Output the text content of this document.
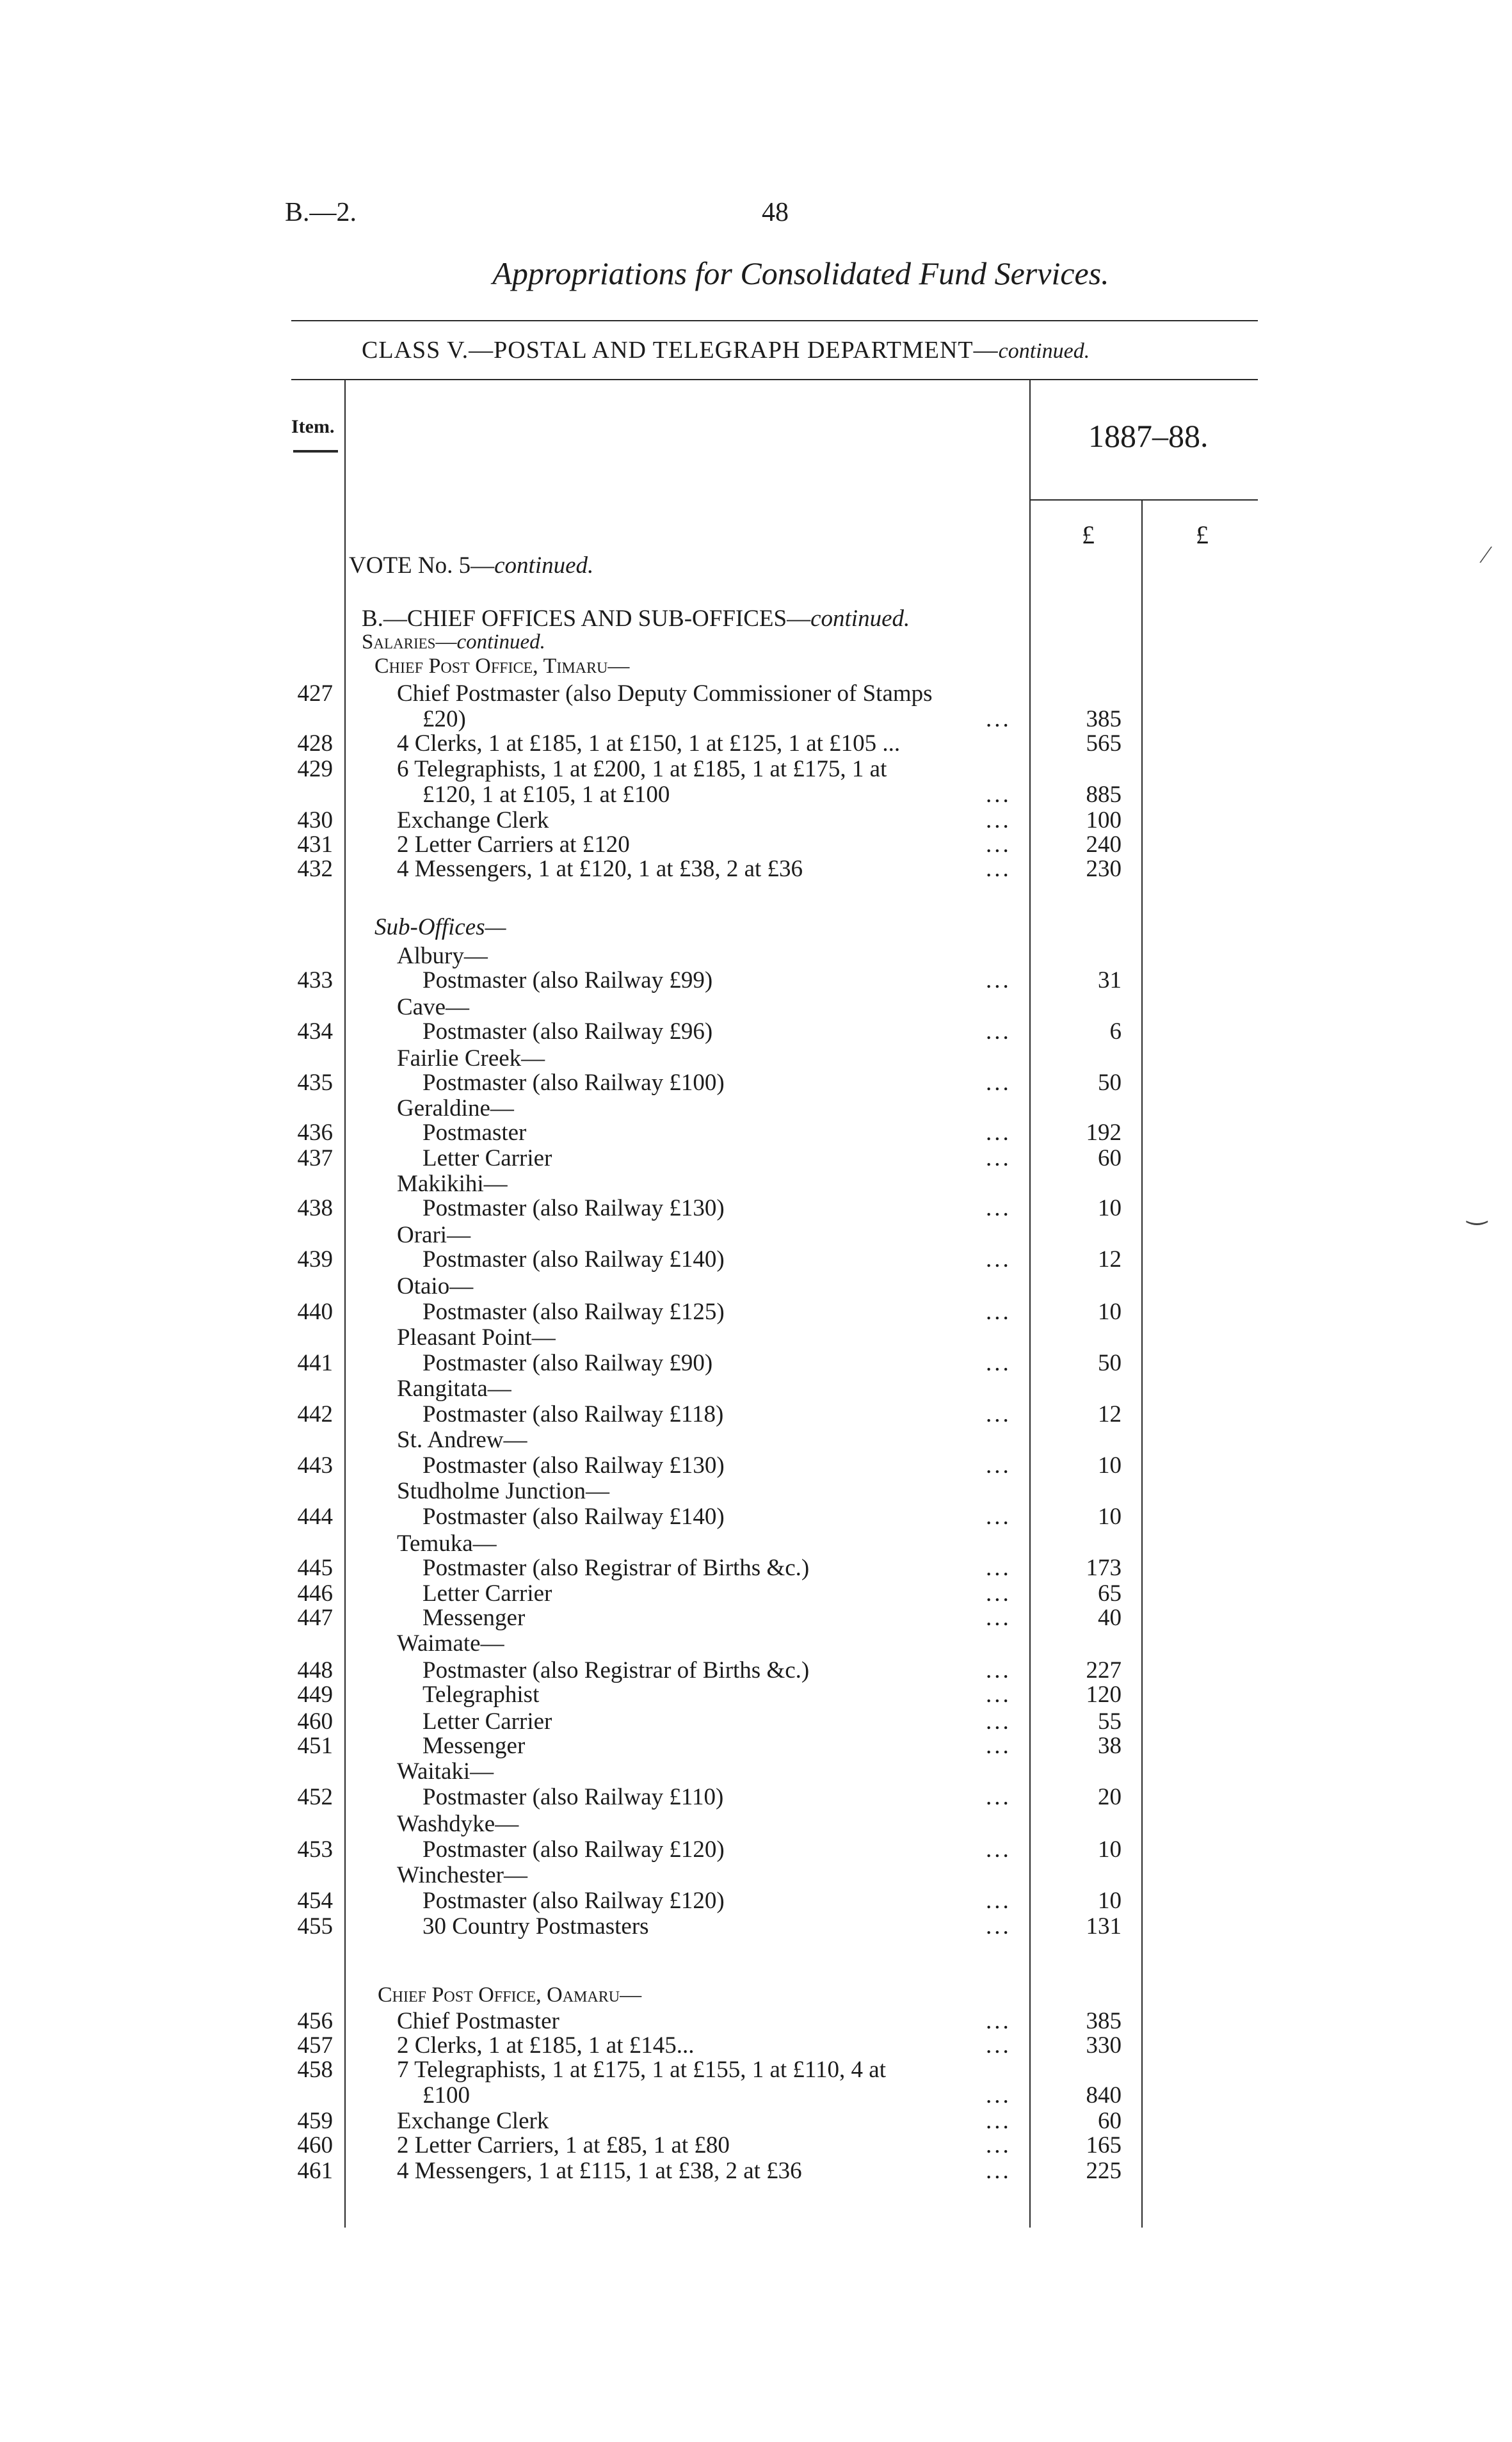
B.—2.	48
Appropriations for Consolidated Fund Services.
CLASS V.—POSTAL AND TELEGRAPH DEPARTMENT—continued.
Item.	1887–88.
£	£
VOTE No. 5—continued.
B.—CHIEF OFFICES AND SUB-OFFICES—continued.
Salaries—continued.
Chief Post Office, Timaru—
Sub-Offices—
Chief Post Office, Oamaru—
427	Chief Postmaster (also Deputy Commissioner of Stamps
£20)	...	385
428	4 Clerks, 1 at £185, 1 at £150, 1 at £125, 1 at £105 ...	565
429	6 Telegraphists, 1 at £200, 1 at £185, 1 at £175, 1 at
£120, 1 at £105, 1 at £100	...	885
430	Exchange Clerk	...	100
431	2 Letter Carriers at £120	...	240
432	4 Messengers, 1 at £120, 1 at £38, 2 at £36	...	230
Albury—
433	Postmaster (also Railway £99)	...	31
Cave—
434	Postmaster (also Railway £96)	...	6
Fairlie Creek—
435	Postmaster (also Railway £100)	...	50
Geraldine—
436	Postmaster	...	192
437	Letter Carrier	...	60
Makikihi—
438	Postmaster (also Railway £130)	...	10
Orari—
439	Postmaster (also Railway £140)	...	12
Otaio—
440	Postmaster (also Railway £125)	...	10
Pleasant Point—
441	Postmaster (also Railway £90)	...	50
Rangitata—
442	Postmaster (also Railway £118)	...	12
St. Andrew—
443	Postmaster (also Railway £130)	...	10
Studholme Junction—
444	Postmaster (also Railway £140)	...	10
Temuka—
445	Postmaster (also Registrar of Births &c.)	...	173
446	Letter Carrier	...	65
447	Messenger	...	40
Waimate—
448	Postmaster (also Registrar of Births &c.)	...	227
449	Telegraphist	...	120
460	Letter Carrier	...	55
451	Messenger	...	38
Waitaki—
452	Postmaster (also Railway £110)	...	20
Washdyke—
453	Postmaster (also Railway £120)	...	10
Winchester—
454	Postmaster (also Railway £120)	...	10
455	30 Country Postmasters	...	131
456	Chief Postmaster	...	385
457	2 Clerks, 1 at £185, 1 at £145...	...	330
458	7 Telegraphists, 1 at £175, 1 at £155, 1 at £110, 4 at
£100	...	840
459	Exchange Clerk	...	60
460	2 Letter Carriers, 1 at £85, 1 at £80	...	165
461	4 Messengers, 1 at £115, 1 at £38, 2 at £36	...	225
⁄
‿
